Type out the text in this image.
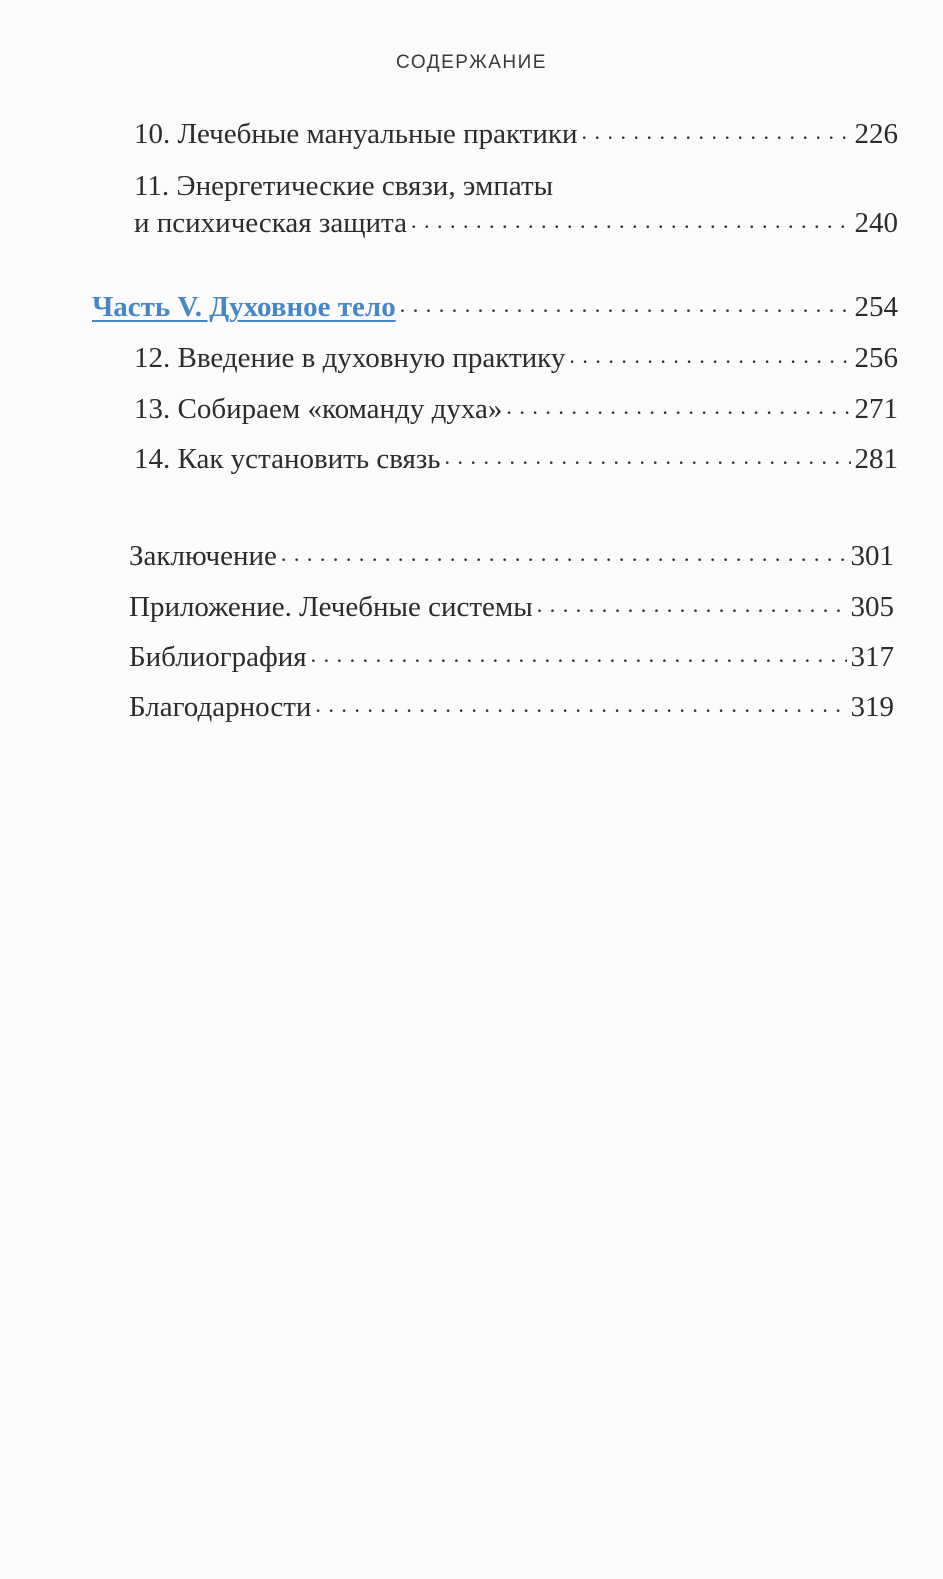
СОДЕРЖАНИЕ
10. Лечебные мануальные практики . . .	226
11. Энергетические связи, эмпаты
и психическая защита . . .	240
Часть V. Духовное тело . . .	254
12. Введение в духовную практику . . .	256
13. Собираем «команду духа» . . .	271
14. Как установить связь . . .	281
Заключение . . .	301
Приложение. Лечебные системы . . .	305
Библиография . . .	317
Благодарности . . .	319
